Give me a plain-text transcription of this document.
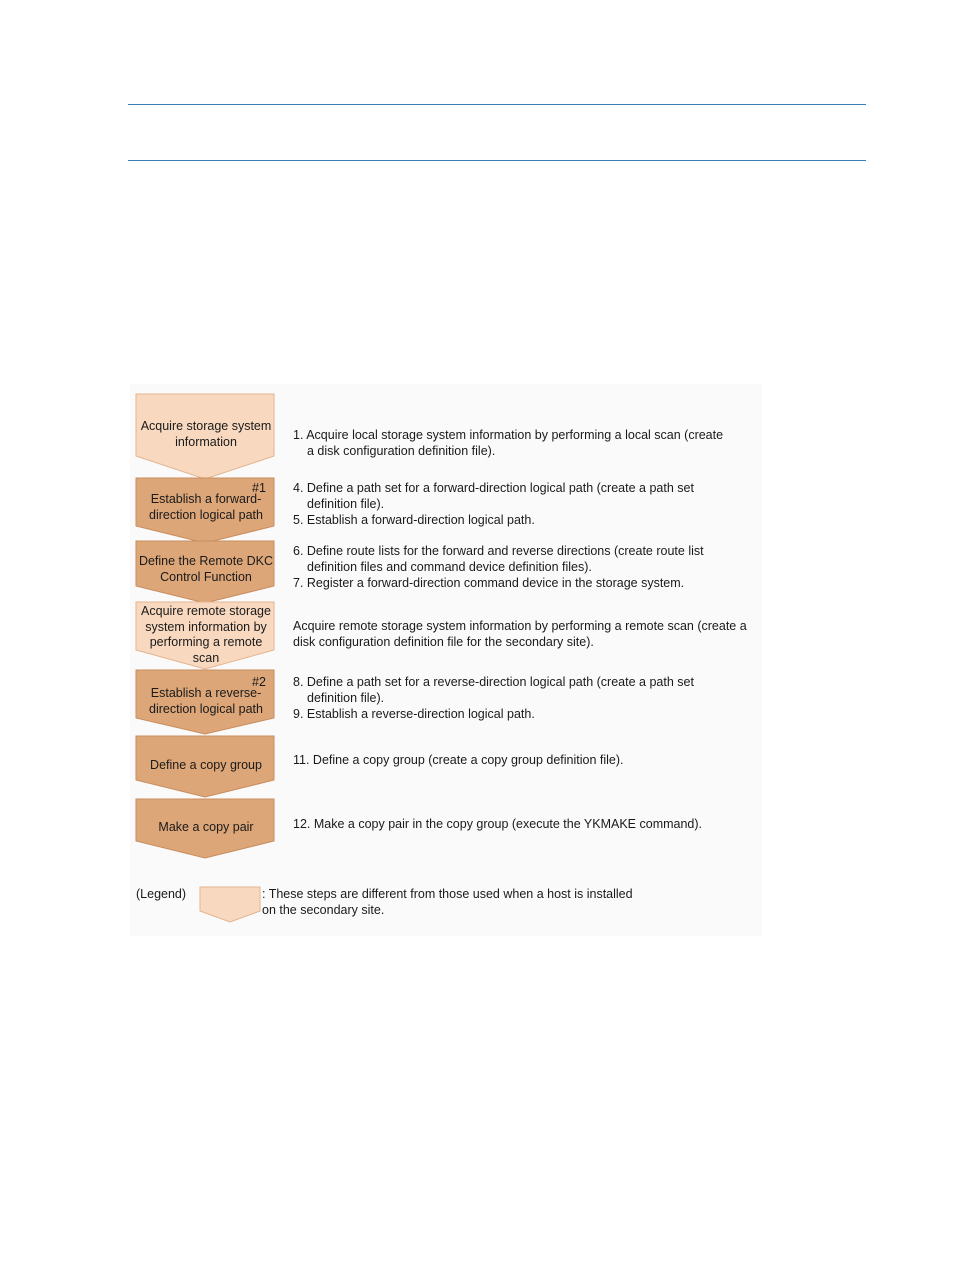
Acquire storage system
information	1. Acquire local storage system information by performing a local scan (create
a disk configuration definition file).
#1
Establish a forward-
direction logical path
4. Define a path set for a forward-direction logical path (create a path set
definition file).
5. Establish a forward-direction logical path.
Define the Remote DKC
Control Function
6. Define route lists for the forward and reverse directions (create route list
definition files and command device definition files).
7. Register a forward-direction command device in the storage system.
Acquire remote storage
system information by
performing a remote
scan
Acquire remote storage system information by performing a remote scan (create a
disk configuration definition file for the secondary site).
#2
Establish a reverse-
direction logical path
8. Define a path set for a reverse-direction logical path (create a path set
definition file).
9. Establish a reverse-direction logical path.
Define a copy group	11. Define a copy group (create a copy group definition file).
Make a copy pair	12. Make a copy pair in the copy group (execute the YKMAKE command).
(Legend)	: These steps are different from those used when a host is installed
on the secondary site.
